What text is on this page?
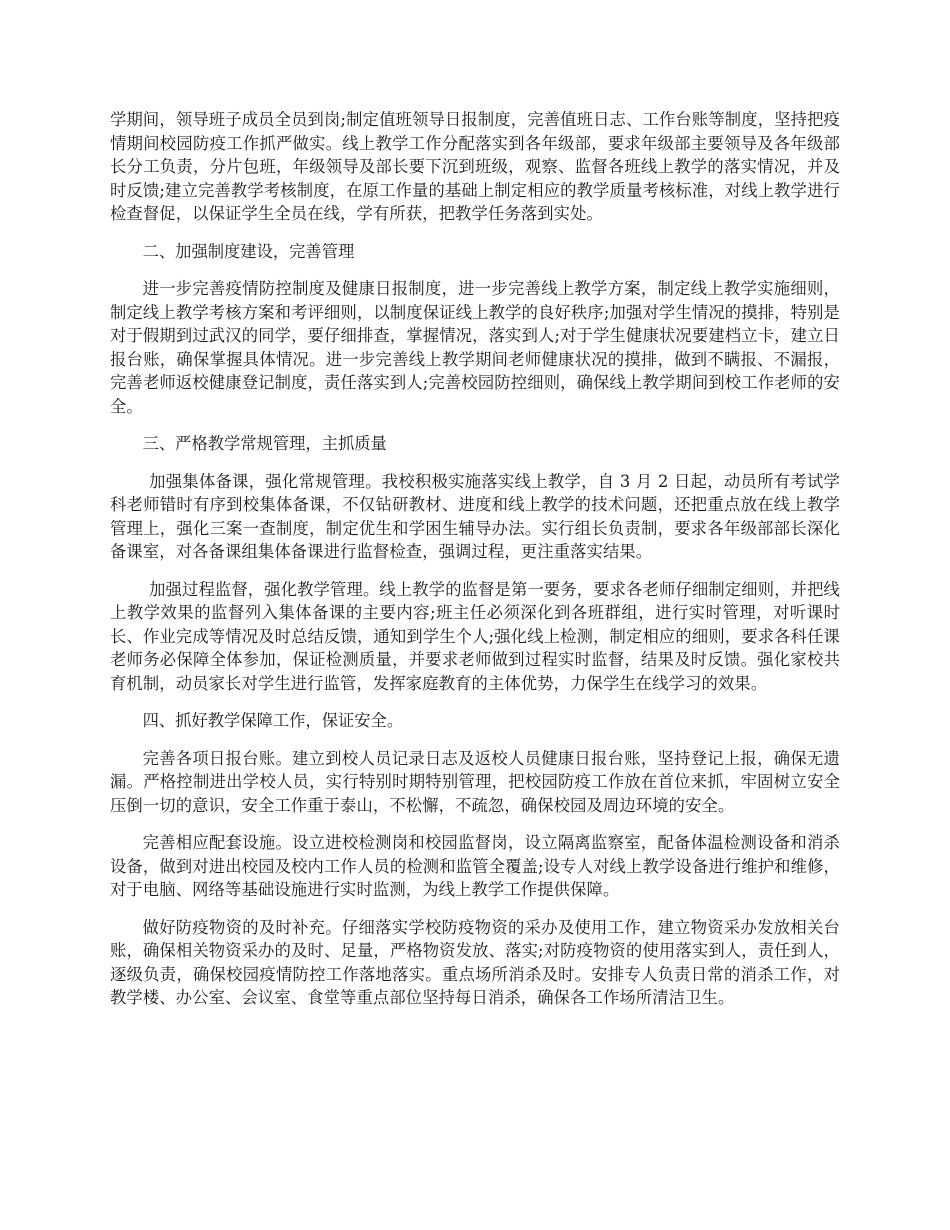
学期间，领导班子成员全员到岗;制定值班领导日报制度，完善值班日志、工作台账等制度，坚持把疫情期间校园防疫工作抓严做实。线上教学工作分配落实到各年级部，要求年级部主要领导及各年级部长分工负责，分片包班，年级领导及部长要下沉到班级，观察、监督各班线上教学的落实情况，并及时反馈;建立完善教学考核制度，在原工作量的基础上制定相应的教学质量考核标准，对线上教学进行检查督促，以保证学生全员在线，学有所获，把教学任务落到实处。

二、加强制度建设，完善管理

进一步完善疫情防控制度及健康日报制度，进一步完善线上教学方案，制定线上教学实施细则，制定线上教学考核方案和考评细则，以制度保证线上教学的良好秩序;加强对学生情况的摸排，特别是对于假期到过武汉的同学，要仔细排查，掌握情况，落实到人;对于学生健康状况要建档立卡，建立日报台账，确保掌握具体情况。进一步完善线上教学期间老师健康状况的摸排，做到不瞒报、不漏报，完善老师返校健康登记制度，责任落实到人;完善校园防控细则，确保线上教学期间到校工作老师的安全。

三、严格教学常规管理，主抓质量

加强集体备课，强化常规管理。我校积极实施落实线上教学，自 3 月 2 日起，动员所有考试学科老师错时有序到校集体备课，不仅钻研教材、进度和线上教学的技术问题，还把重点放在线上教学管理上，强化三案一查制度，制定优生和学困生辅导办法。实行组长负责制，要求各年级部部长深化备课室，对各备课组集体备课进行监督检查，强调过程，更注重落实结果。

加强过程监督，强化教学管理。线上教学的监督是第一要务，要求各老师仔细制定细则，并把线上教学效果的监督列入集体备课的主要内容;班主任必须深化到各班群组，进行实时管理，对听课时长、作业完成等情况及时总结反馈，通知到学生个人;强化线上检测，制定相应的细则，要求各科任课老师务必保障全体参加，保证检测质量，并要求老师做到过程实时监督，结果及时反馈。强化家校共育机制，动员家长对学生进行监管，发挥家庭教育的主体优势，力保学生在线学习的效果。

四、抓好教学保障工作，保证安全。

完善各项日报台账。建立到校人员记录日志及返校人员健康日报台账，坚持登记上报，确保无遗漏。严格控制进出学校人员，实行特别时期特别管理，把校园防疫工作放在首位来抓，牢固树立安全压倒一切的意识，安全工作重于泰山，不松懈，不疏忽，确保校园及周边环境的安全。

完善相应配套设施。设立进校检测岗和校园监督岗，设立隔离监察室，配备体温检测设备和消杀设备，做到对进出校园及校内工作人员的检测和监管全覆盖;设专人对线上教学设备进行维护和维修，对于电脑、网络等基础设施进行实时监测，为线上教学工作提供保障。

做好防疫物资的及时补充。仔细落实学校防疫物资的采办及使用工作，建立物资采办发放相关台账，确保相关物资采办的及时、足量，严格物资发放、落实;对防疫物资的使用落实到人，责任到人，逐级负责，确保校园疫情防控工作落地落实。重点场所消杀及时。安排专人负责日常的消杀工作，对教学楼、办公室、会议室、食堂等重点部位坚持每日消杀，确保各工作场所清洁卫生。
